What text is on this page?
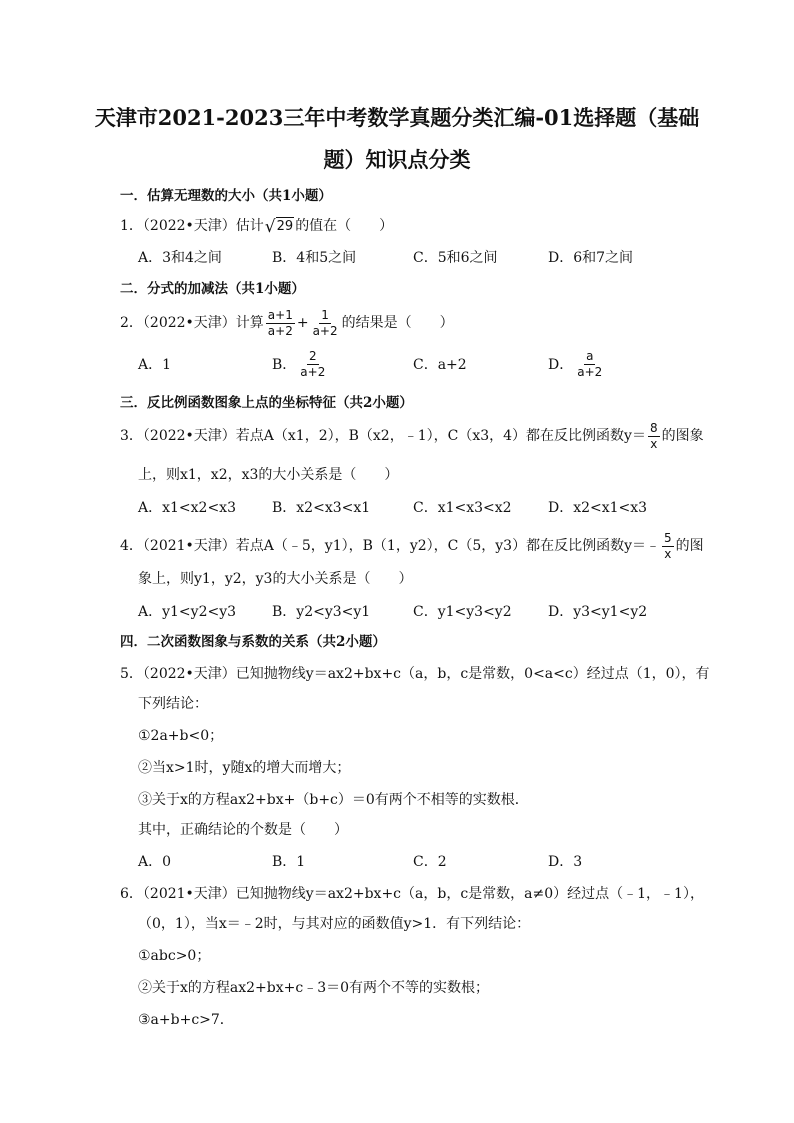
天津市2021-2023三年中考数学真题分类汇编-01选择题（基础
题）知识点分类
一．估算无理数的大小（共1小题）
1．（2022•天津）估计 √ 29 的值在（　　）
A．3和4之间	B．4和5之间	C．5和6之间	D．6和7之间
二．分式的加减法（共1小题）
2．（2022•天津）计算 $\frac{a+1}{a+2} + \frac{1}{a+2}$ 的结果是（　　）
A．1	B． $\frac{2}{a+2}$	C．a+2	D． $\frac{a}{a+2}$
三．反比例函数图象上点的坐标特征（共2小题）
3．（2022•天津）若点A（x1，2），B（x2，﹣1），C（x3，4）都在反比例函数$y= \frac{8}{x}$ 的图象
上，则x1，x2，x3的大小关系是（　　）
A．x1<x2<x3	B．x2<x3<x1	C．x1<x3<x2	D．x2<x1<x3
4．（2021•天津）若点A（﹣5，y1），B（1，y2），C（5，y3）都在反比例函数y＝﹣ $\frac{5}{x}$ 的图
象上，则y1，y2，y3的大小关系是（　　）
A．y1<y2<y3	B．y2<y3<y1	C．y1<y3<y2	D．y3<y1<y2
四．二次函数图象与系数的关系（共2小题）
5．（2022•天津）已知抛物线y＝ax2+bx+c（a，b，c是常数，0<a<c）经过点（1，0），有
下列结论：
①2a+b<0；
②当x>1时，y随x的增大而增大；
③关于x的方程ax2+bx+（b+c）＝0有两个不相等的实数根．
其中，正确结论的个数是（　　）
A．0	B．1	C．2	D．3
6．（2021•天津）已知抛物线y＝ax2+bx+c（a，b，c是常数，a≠0）经过点（﹣1，﹣1），
（0，1），当x＝﹣2时，与其对应的函数值y>1．有下列结论：
①abc>0；
②关于x的方程ax2+bx+c﹣3＝0有两个不等的实数根；
③a+b+c>7．
